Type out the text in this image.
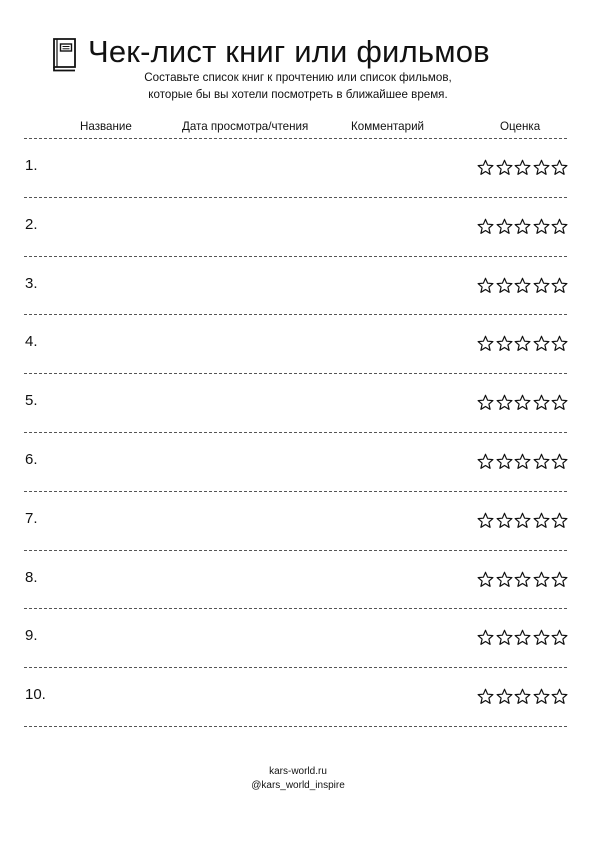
Чек-лист книг или фильмов
Составьте список книг к прочтению или список фильмов,
которые бы вы хотели посмотреть в ближайшее время.
Название	Дата просмотра/чтения	Комментарий	Оценка
1.
2.
3.
4.
5.
6.
7.
8.
9.
10.
kars-world.ru
@kars_world_inspire
